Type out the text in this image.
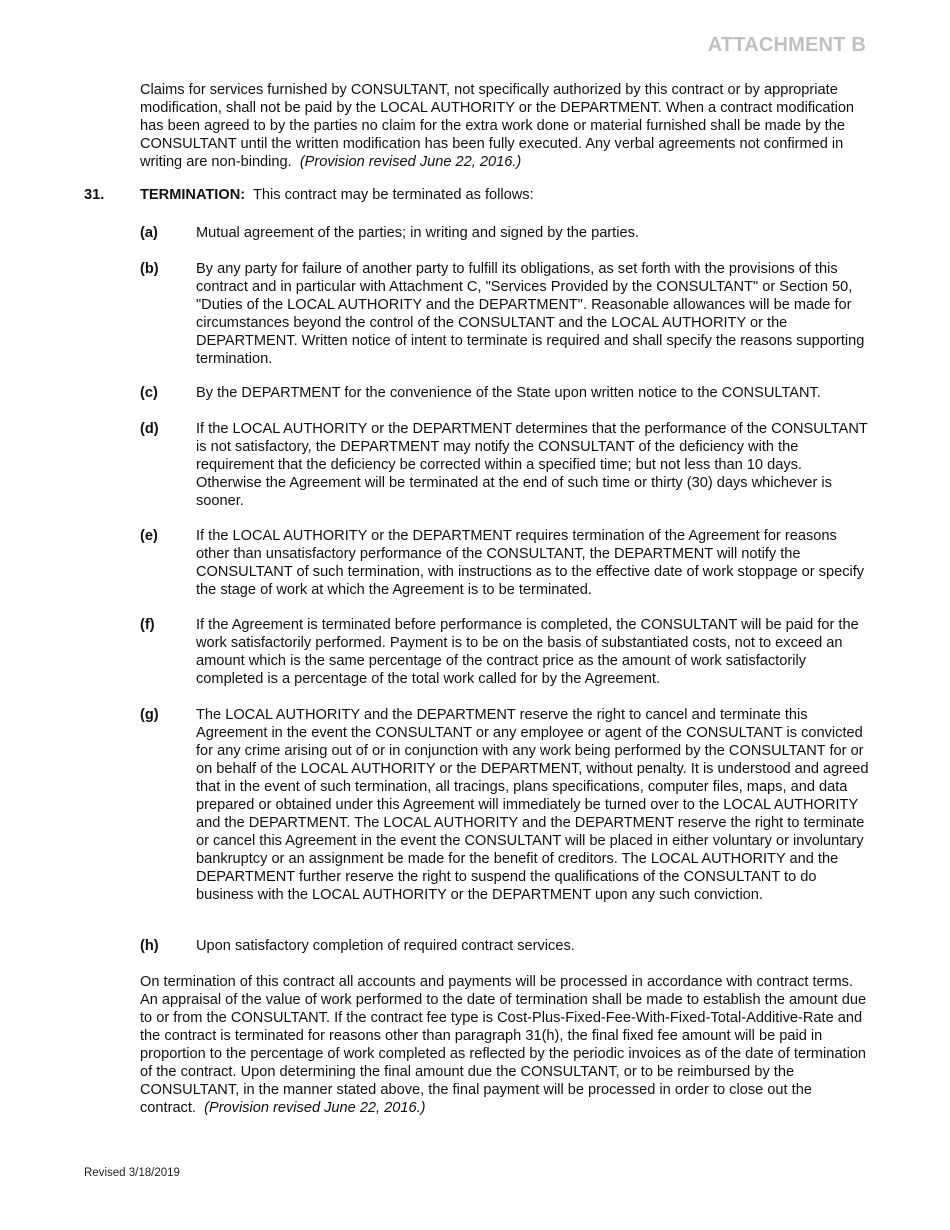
ATTACHMENT B

Claims for services furnished by CONSULTANT, not specifically authorized by this contract or by appropriate modification, shall not be paid by the LOCAL AUTHORITY or the DEPARTMENT. When a contract modification has been agreed to by the parties no claim for the extra work done or material furnished shall be made by the CONSULTANT until the written modification has been fully executed. Any verbal agreements not confirmed in writing are non-binding. (Provision revised June 22, 2016.)

31. TERMINATION: This contract may be terminated as follows:
(a)	Mutual agreement of the parties; in writing and signed by the parties.

(b)	By any party for failure of another party to fulfill its obligations, as set forth with the provisions of this contract and in particular with Attachment C, "Services Provided by the CONSULTANT" or Section 50, "Duties of the LOCAL AUTHORITY and the DEPARTMENT". Reasonable allowances will be made for circumstances beyond the control of the CONSULTANT and the LOCAL AUTHORITY or the DEPARTMENT. Written notice of intent to terminate is required and shall specify the reasons supporting termination.

(c)	By the DEPARTMENT for the convenience of the State upon written notice to the CONSULTANT.

(d)	If the LOCAL AUTHORITY or the DEPARTMENT determines that the performance of the CONSULTANT is not satisfactory, the DEPARTMENT may notify the CONSULTANT of the deficiency with the requirement that the deficiency be corrected within a specified time; but not less than 10 days. Otherwise the Agreement will be terminated at the end of such time or thirty (30) days whichever is sooner.

(e)	If the LOCAL AUTHORITY or the DEPARTMENT requires termination of the Agreement for reasons other than unsatisfactory performance of the CONSULTANT, the DEPARTMENT will notify the CONSULTANT of such termination, with instructions as to the effective date of work stoppage or specify the stage of work at which the Agreement is to be terminated.

(f)	If the Agreement is terminated before performance is completed, the CONSULTANT will be paid for the work satisfactorily performed. Payment is to be on the basis of substantiated costs, not to exceed an amount which is the same percentage of the contract price as the amount of work satisfactorily completed is a percentage of the total work called for by the Agreement.

(g)	The LOCAL AUTHORITY and the DEPARTMENT reserve the right to cancel and terminate this Agreement in the event the CONSULTANT or any employee or agent of the CONSULTANT is convicted for any crime arising out of or in conjunction with any work being performed by the CONSULTANT for or on behalf of the LOCAL AUTHORITY or the DEPARTMENT, without penalty. It is understood and agreed that in the event of such termination, all tracings, plans specifications, computer files, maps, and data prepared or obtained under this Agreement will immediately be turned over to the LOCAL AUTHORITY and the DEPARTMENT. The LOCAL AUTHORITY and the DEPARTMENT reserve the right to terminate or cancel this Agreement in the event the CONSULTANT will be placed in either voluntary or involuntary bankruptcy or an assignment be made for the benefit of creditors. The LOCAL AUTHORITY and the DEPARTMENT further reserve the right to suspend the qualifications of the CONSULTANT to do business with the LOCAL AUTHORITY or the DEPARTMENT upon any such conviction.

(h)	Upon satisfactory completion of required contract services.

On termination of this contract all accounts and payments will be processed in accordance with contract terms. An appraisal of the value of work performed to the date of termination shall be made to establish the amount due to or from the CONSULTANT. If the contract fee type is Cost-Plus-Fixed-Fee-With-Fixed-Total-Additive-Rate and the contract is terminated for reasons other than paragraph 31(h), the final fixed fee amount will be paid in proportion to the percentage of work completed as reflected by the periodic invoices as of the date of termination of the contract. Upon determining the final amount due the CONSULTANT, or to be reimbursed by the CONSULTANT, in the manner stated above, the final payment will be processed in order to close out the contract. (Provision revised June 22, 2016.)

Revised 3/18/2019
